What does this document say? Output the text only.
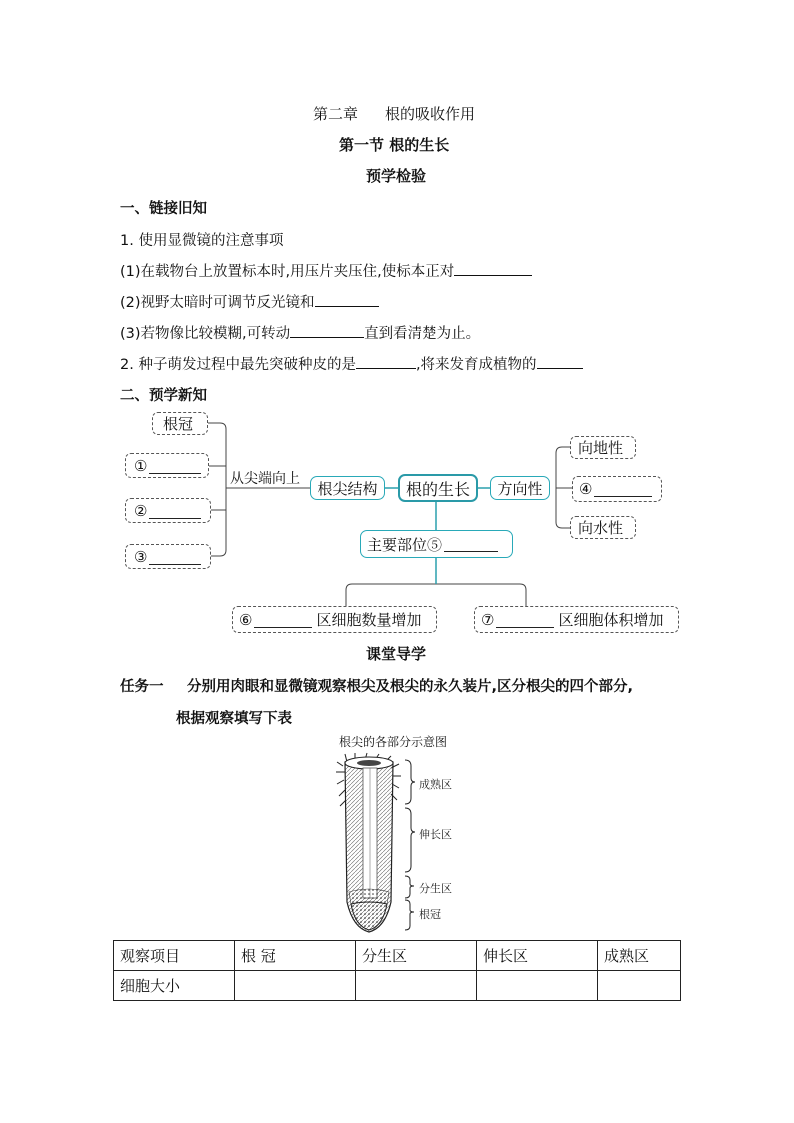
第二章 根的吸收作用
第一节 根的生长
预学检验
一、链接旧知
1. 使用显微镜的注意事项
(1)在载物台上放置标本时,用压片夹压住,使标本正对
(2)视野太暗时可调节反光镜和
(3)若物像比较模糊,可转动	直到看清楚为止。
2. 种子萌发过程中最先突破种皮的是	,将来发育成植物的
二、预学新知
根冠
①
②
③
从尖端向上
根尖结构 根的生长 方向性
向地性
④
向水性
主要部位⑤
⑥	区细胞数量增加	⑦	区细胞体积增加
课堂导学
任务一 分别用肉眼和显微镜观察根尖及根尖的永久装片,区分根尖的四个部分,
根据观察填写下表
根尖的各部分示意图
成熟区
伸长区
分生区
根冠
观察项目	根 冠	分生区	伸长区	成熟区
细胞大小				
